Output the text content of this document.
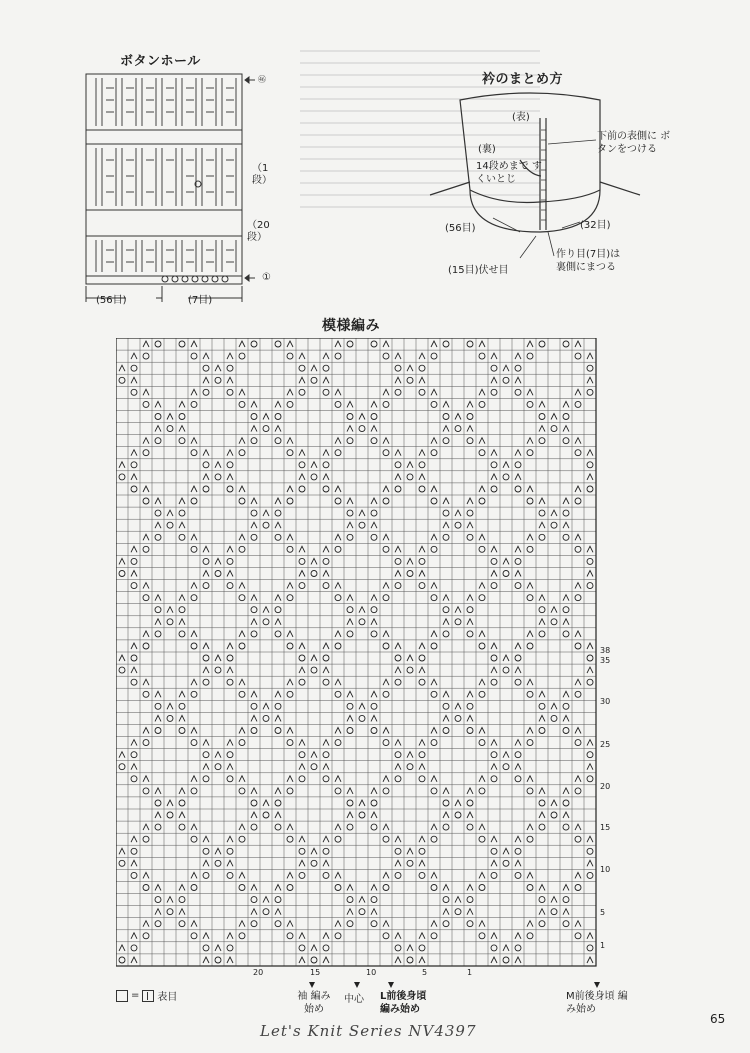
ボタンホール
㊻
（1段）
（20段）
①
(56目)	(7目)
衿のまとめ方
(表)
(裏)
14段めまで すくいとじ
下前の表側に ボタンをつける
(56目)	(32目)
作り目(7目)は 裏側にまつる
(15目)伏せ目
模様編み
1
5
10
15
20
25
30
35
38
20	15	10	5	1
= 表目	袖 編み始め
中心 L前後身頃 編み始め
M前後身頃 編み始め
Let's Knit Series NV4397
65
